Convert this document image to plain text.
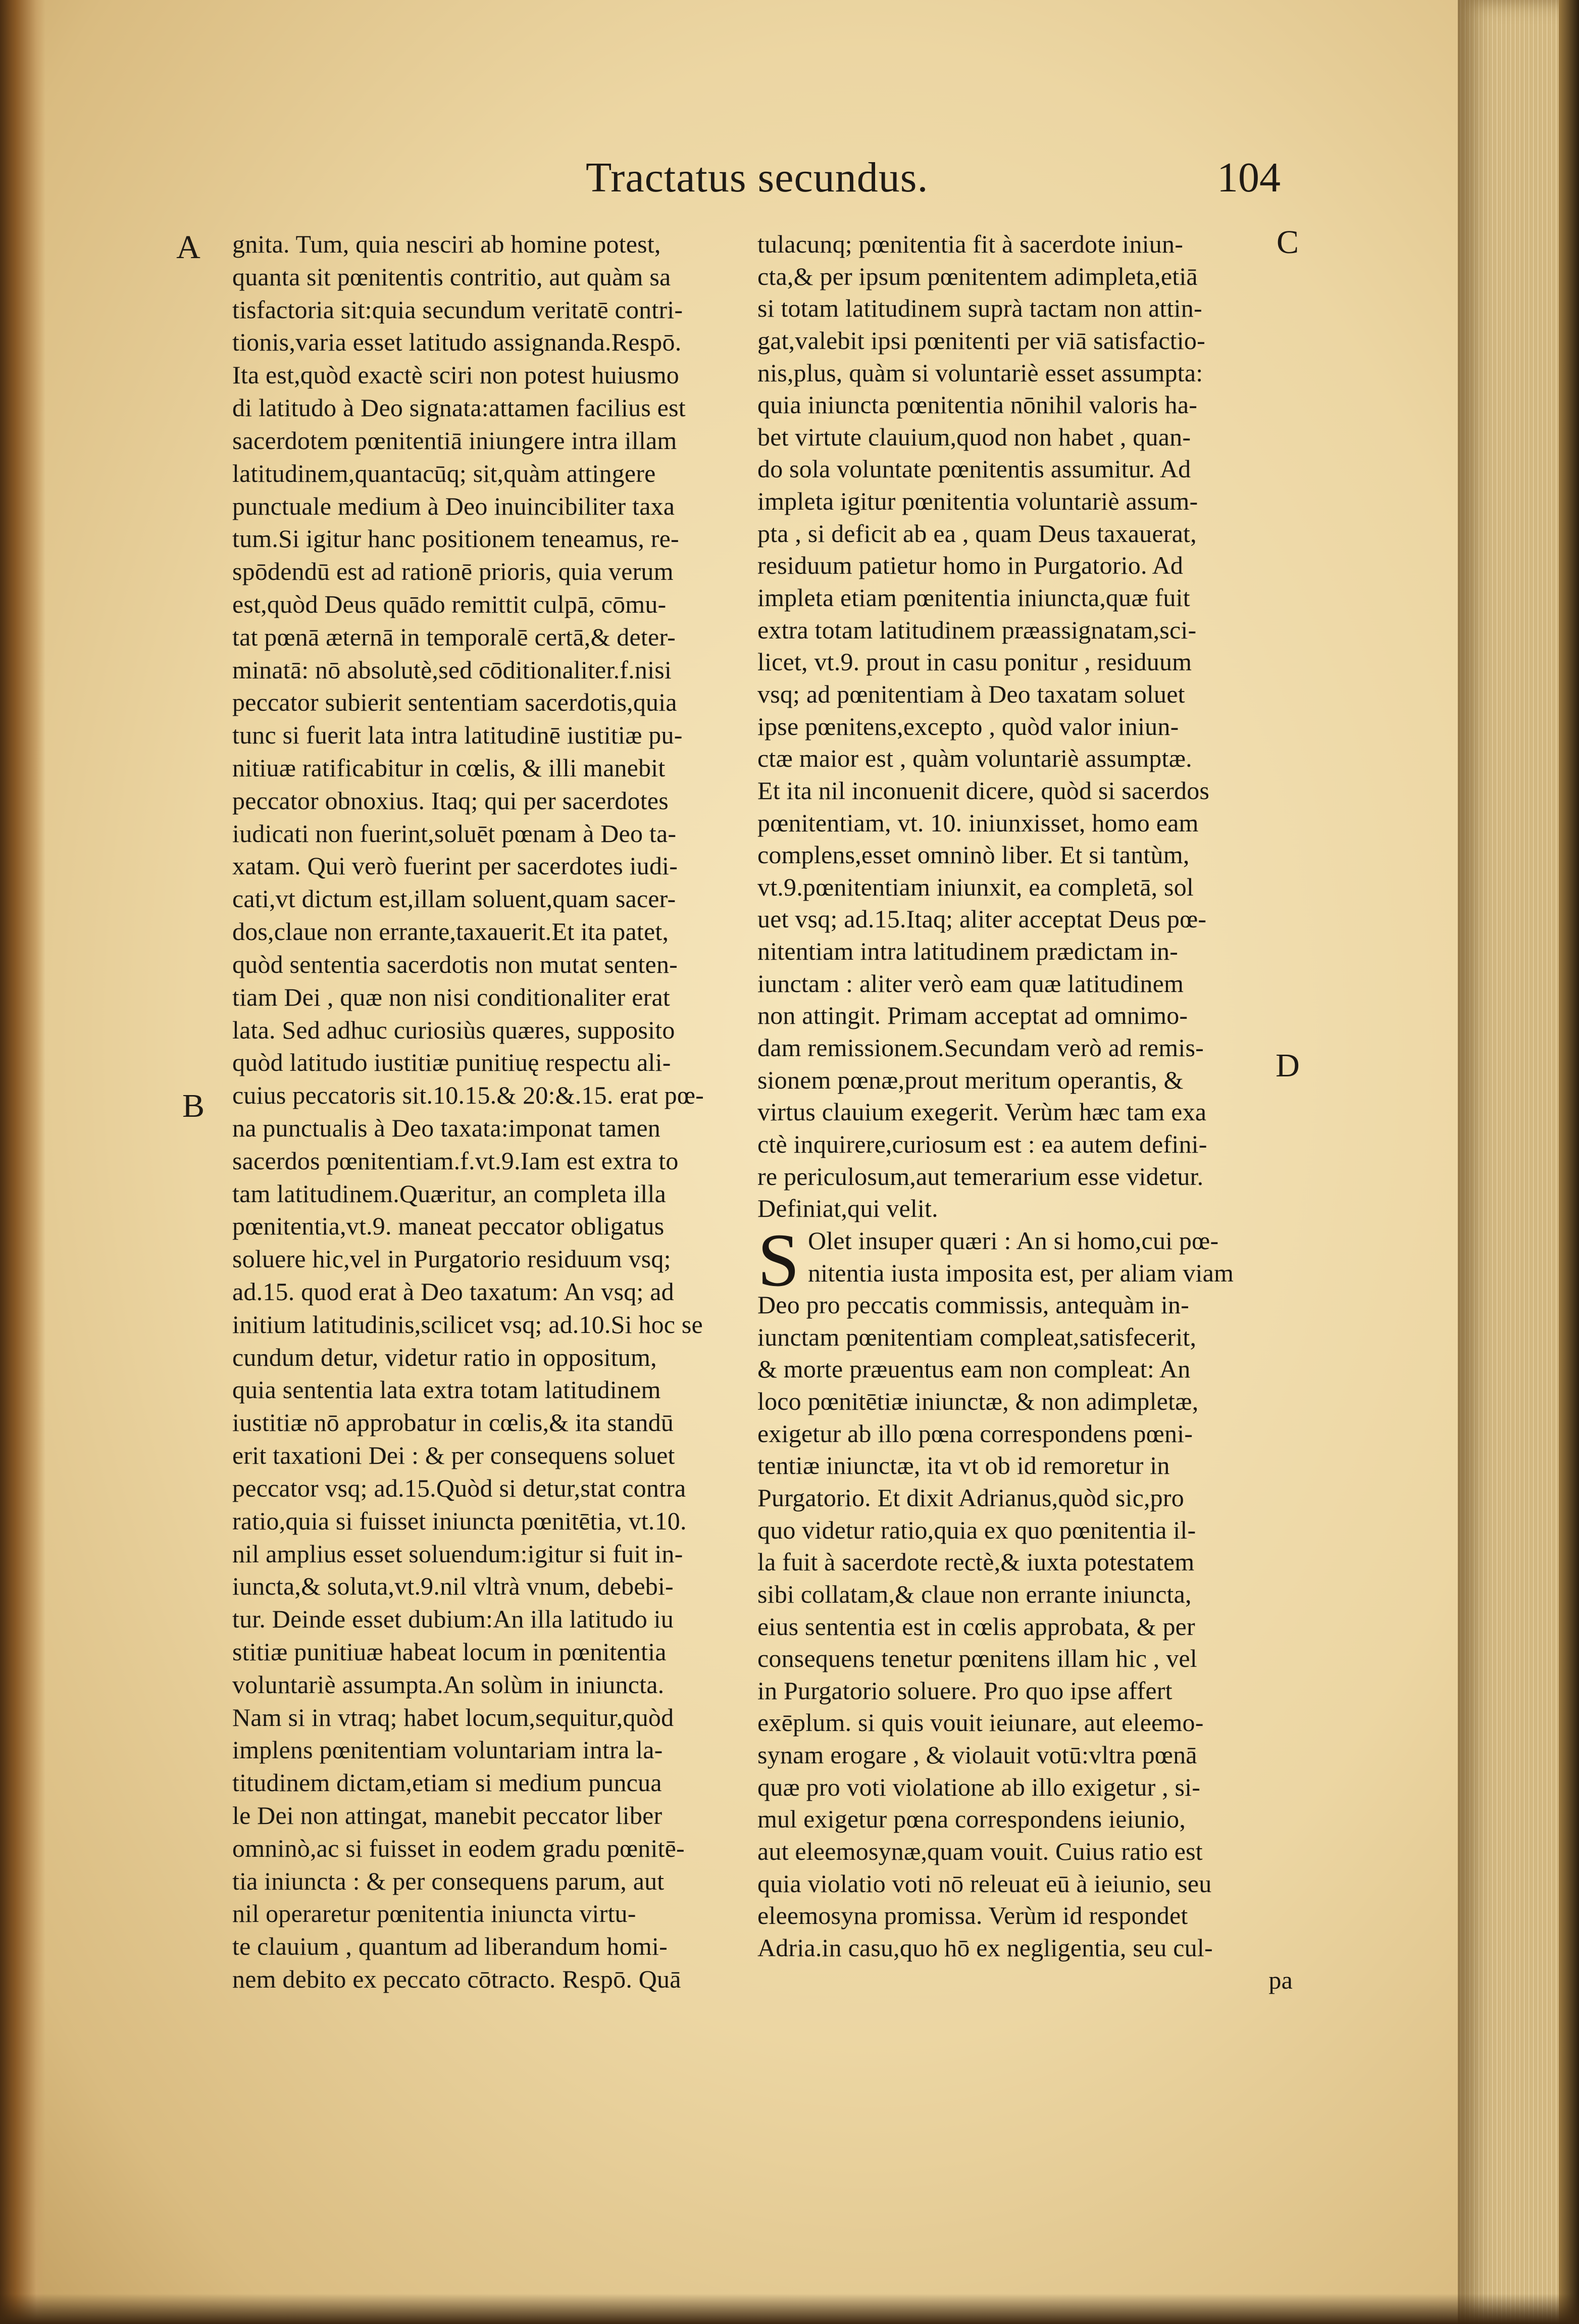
Tractatus secundus.	104
A
B
C
D
S
gnita. Tum, quia nesciri ab homine potest,
quanta sit pœnitentis contritio, aut quàm sa
tisfactoria sit:quia secundum veritatē contri-
tionis,varia esset latitudo assignanda.Respō.
Ita est,quòd exactè sciri non potest huiusmo
di latitudo à Deo signata:attamen facilius est
sacerdotem pœnitentiā iniungere intra illam
latitudinem,quantacūq; sit,quàm attingere
punctuale medium à Deo inuincibiliter taxa
tum.Si igitur hanc positionem teneamus, re-
spōdendū est ad rationē prioris, quia verum
est,quòd Deus quādo remittit culpā, cōmu-
tat pœnā æternā in temporalē certā,& deter-
minatā: nō absolutè,sed cōditionaliter.f.nisi
peccator subierit sententiam sacerdotis,quia
tunc si fuerit lata intra latitudinē iustitiæ pu-
nitiuæ ratificabitur in cœlis, & illi manebit
peccator obnoxius. Itaq; qui per sacerdotes
iudicati non fuerint,soluēt pœnam à Deo ta-
xatam. Qui verò fuerint per sacerdotes iudi-
cati,vt dictum est,illam soluent,quam sacer-
dos,claue non errante,taxauerit.Et ita patet,
quòd sententia sacerdotis non mutat senten-
tiam Dei , quæ non nisi conditionaliter erat
lata. Sed adhuc curiosiùs quæres, supposito
quòd latitudo iustitiæ punitiuę respectu ali-
cuius peccatoris sit.10.15.& 20:&.15. erat pœ-
na punctualis à Deo taxata:imponat tamen
sacerdos pœnitentiam.f.vt.9.Iam est extra to
tam latitudinem.Quæritur, an completa illa
pœnitentia,vt.9. maneat peccator obligatus
soluere hic,vel in Purgatorio residuum vsq;
ad.15. quod erat à Deo taxatum: An vsq; ad
initium latitudinis,scilicet vsq; ad.10.Si hoc se
cundum detur, videtur ratio in oppositum,
quia sententia lata extra totam latitudinem
iustitiæ nō approbatur in cœlis,& ita standū
erit taxationi Dei : & per consequens soluet
peccator vsq; ad.15.Quòd si detur,stat contra
ratio,quia si fuisset iniuncta pœnitētia, vt.10.
nil amplius esset soluendum:igitur si fuit in-
iuncta,& soluta,vt.9.nil vltrà vnum, debebi-
tur. Deinde esset dubium:An illa latitudo iu
stitiæ punitiuæ habeat locum in pœnitentia
voluntariè assumpta.An solùm in iniuncta.
Nam si in vtraq; habet locum,sequitur,quòd
implens pœnitentiam voluntariam intra la-
titudinem dictam,etiam si medium puncua
le Dei non attingat, manebit peccator liber
omninò,ac si fuisset in eodem gradu pœnitē-
tia iniuncta : & per consequens parum, aut
nil operaretur pœnitentia iniuncta virtu-
te clauium , quantum ad liberandum homi-
nem debito ex peccato cōtracto. Respō. Quā
tulacunq; pœnitentia fit à sacerdote iniun-
cta,& per ipsum pœnitentem adimpleta,etiā
si totam latitudinem suprà tactam non attin-
gat,valebit ipsi pœnitenti per viā satisfactio-
nis,plus, quàm si voluntariè esset assumpta:
quia iniuncta pœnitentia nōnihil valoris ha-
bet virtute clauium,quod non habet , quan-
do sola voluntate pœnitentis assumitur. Ad
impleta igitur pœnitentia voluntariè assum-
pta , si deficit ab ea , quam Deus taxauerat,
residuum patietur homo in Purgatorio. Ad
impleta etiam pœnitentia iniuncta,quæ fuit
extra totam latitudinem præassignatam,sci-
licet, vt.9. prout in casu ponitur , residuum
vsq; ad pœnitentiam à Deo taxatam soluet
ipse pœnitens,excepto , quòd valor iniun-
ctæ maior est , quàm voluntariè assumptæ.
Et ita nil inconuenit dicere, quòd si sacerdos
pœnitentiam, vt. 10. iniunxisset, homo eam
complens,esset omninò liber. Et si tantùm,
vt.9.pœnitentiam iniunxit, ea completā, sol
uet vsq; ad.15.Itaq; aliter acceptat Deus pœ-
nitentiam intra latitudinem prædictam in-
iunctam : aliter verò eam quæ latitudinem
non attingit. Primam acceptat ad omnimo-
dam remissionem.Secundam verò ad remis-
sionem pœnæ,prout meritum operantis, &
virtus clauium exegerit. Verùm hæc tam exa
ctè inquirere,curiosum est : ea autem defini-
re periculosum,aut temerarium esse videtur.
Definiat,qui velit.
Olet insuper quæri : An si homo,cui pœ-
nitentia iusta imposita est, per aliam viam
Deo pro peccatis commissis, antequàm in-
iunctam pœnitentiam compleat,satisfecerit,
& morte præuentus eam non compleat: An
loco pœnitētiæ iniunctæ, & non adimpletæ,
exigetur ab illo pœna correspondens pœni-
tentiæ iniunctæ, ita vt ob id remoretur in
Purgatorio. Et dixit Adrianus,quòd sic,pro
quo videtur ratio,quia ex quo pœnitentia il-
la fuit à sacerdote rectè,& iuxta potestatem
sibi collatam,& claue non errante iniuncta,
eius sententia est in cœlis approbata, & per
consequens tenetur pœnitens illam hic , vel
in Purgatorio soluere. Pro quo ipse affert
exēplum. si quis vouit ieiunare, aut eleemo-
synam erogare , & violauit votū:vltra pœnā
quæ pro voti violatione ab illo exigetur , si-
mul exigetur pœna correspondens ieiunio,
aut eleemosynæ,quam vouit. Cuius ratio est
quia violatio voti nō releuat eū à ieiunio, seu
eleemosyna promissa. Verùm id respondet
Adria.in casu,quo hō ex negligentia, seu cul-
pa
